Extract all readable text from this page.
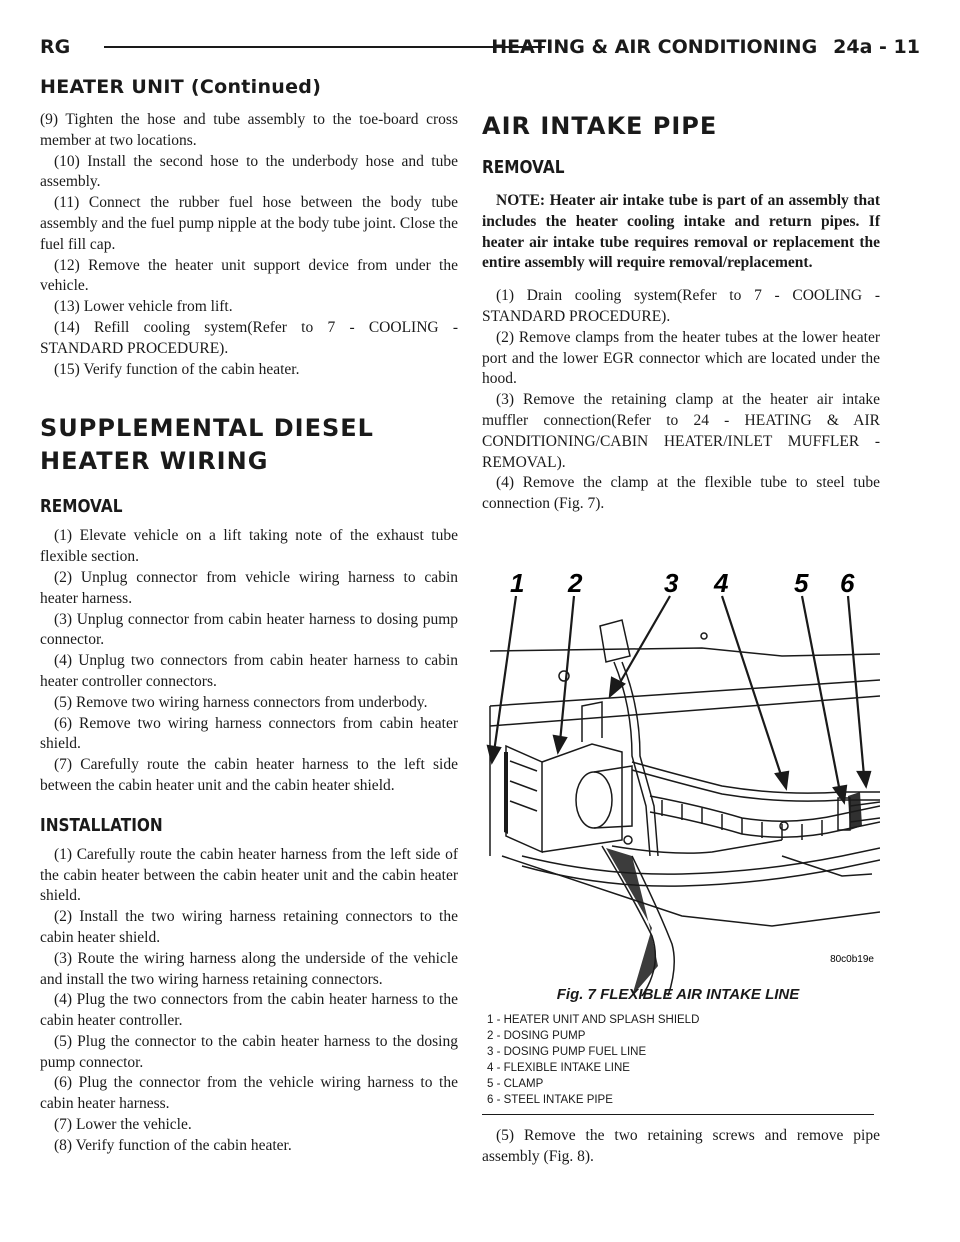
RG	HEATING & AIR CONDITIONING 24a - 11
HEATER UNIT (Continued)

(9) Tighten the hose and tube assembly to the toe-board cross member at two locations.

(10) Install the second hose to the underbody hose and tube assembly.

(11) Connect the rubber fuel hose between the body tube assembly and the fuel pump nipple at the body tube joint. Close the fuel fill cap.

(12) Remove the heater unit support device from under the vehicle.

(13) Lower vehicle from lift.

(14) Refill cooling system(Refer to 7 - COOLING - STANDARD PROCEDURE).

(15) Verify function of the cabin heater.

SUPPLEMENTAL DIESEL
HEATER WIRING
REMOVAL

(1) Elevate vehicle on a lift taking note of the exhaust tube flexible section.

(2) Unplug connector from vehicle wiring harness to cabin heater harness.

(3) Unplug connector from cabin heater harness to dosing pump connector.

(4) Unplug two connectors from cabin heater harness to cabin heater controller connectors.

(5) Remove two wiring harness connectors from underbody.

(6) Remove two wiring harness connectors from cabin heater shield.

(7) Carefully route the cabin heater harness to the left side between the cabin heater unit and the cabin heater shield.

INSTALLATION

(1) Carefully route the cabin heater harness from the left side of the cabin heater between the cabin heater unit and the cabin heater shield.

(2) Install the two wiring harness retaining connectors to the cabin heater shield.

(3) Route the wiring harness along the underside of the vehicle and install the two wiring harness retaining connectors.

(4) Plug the two connectors from the cabin heater harness to the cabin heater controller.

(5) Plug the connector to the cabin heater harness to the dosing pump connector.

(6) Plug the connector from the vehicle wiring harness to the cabin heater harness.

(7) Lower the vehicle.

(8) Verify function of the cabin heater.

AIR INTAKE PIPE
REMOVAL

NOTE: Heater air intake tube is part of an assembly that includes the heater cooling intake and return pipes. If heater air intake tube requires removal or replacement the entire assembly will require removal/replacement.

(1) Drain cooling system(Refer to 7 - COOLING - STANDARD PROCEDURE).

(2) Remove clamps from the heater tubes at the lower heater port and the lower EGR connector which are located under the hood.

(3) Remove the retaining clamp at the heater air intake muffler connection(Refer to 24 - HEATING & AIR CONDITIONING/CABIN HEATER/INLET MUFFLER - REMOVAL).

(4) Remove the clamp at the flexible tube to steel tube connection (Fig. 7).

1 2	3 4	5 6
80c0b19e
Fig. 7 FLEXIBLE AIR INTAKE LINE
1 - HEATER UNIT AND SPLASH SHIELD
2 - DOSING PUMP
3 - DOSING PUMP FUEL LINE
4 - FLEXIBLE INTAKE LINE
5 - CLAMP
6 - STEEL INTAKE PIPE

(5) Remove the two retaining screws and remove pipe assembly (Fig. 8).
